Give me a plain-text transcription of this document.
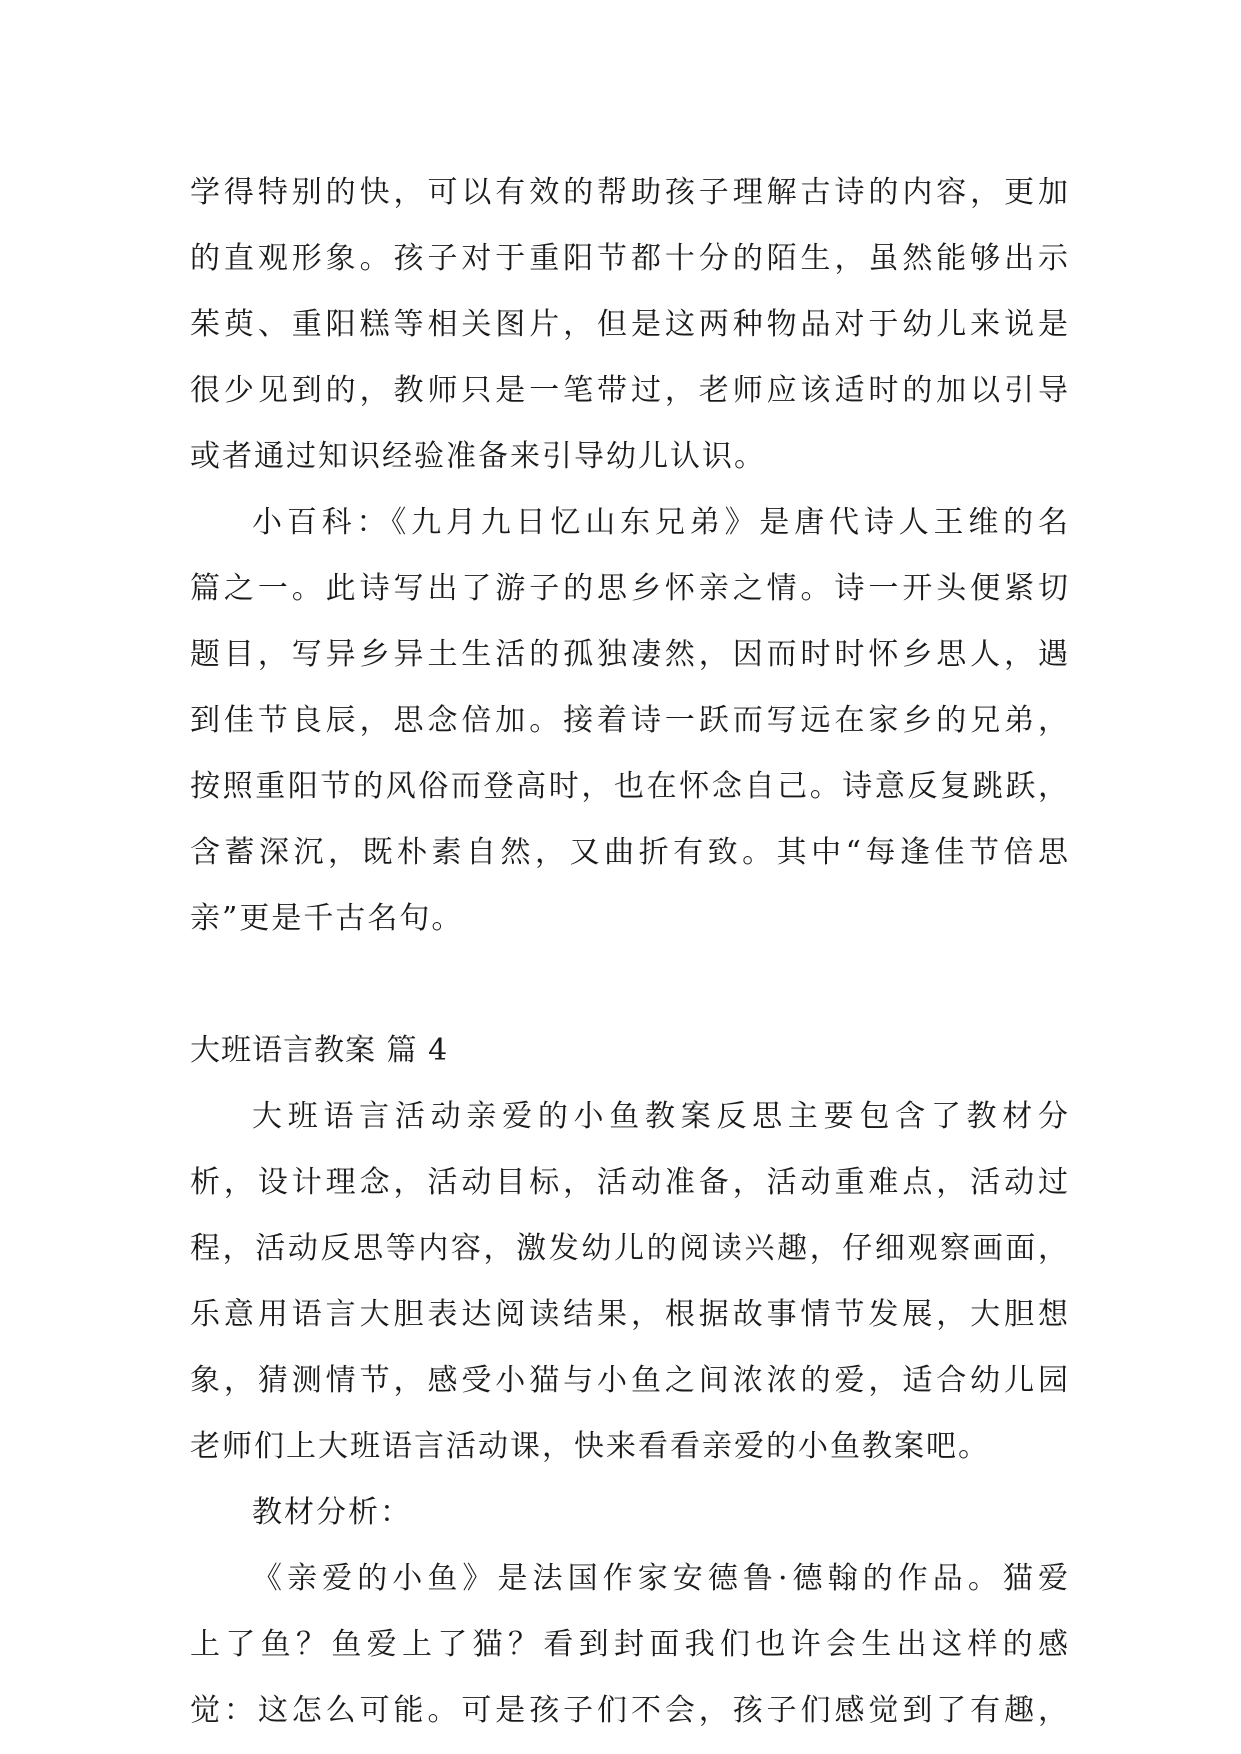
学得特别的快，可以有效的帮助孩子理解古诗的内容，更加
的直观形象。孩子对于重阳节都十分的陌生，虽然能够出示
茱萸、重阳糕等相关图片，但是这两种物品对于幼儿来说是
很少见到的，教师只是一笔带过，老师应该适时的加以引导
或者通过知识经验准备来引导幼儿认识。
小百科：《九月九日忆山东兄弟》是唐代诗人王维的名
篇之一。此诗写出了游子的思乡怀亲之情。诗一开头便紧切
题目，写异乡异土生活的孤独凄然，因而时时怀乡思人，遇
到佳节良辰，思念倍加。接着诗一跃而写远在家乡的兄弟，
按照重阳节的风俗而登高时，也在怀念自己。诗意反复跳跃，
含蓄深沉，既朴素自然，又曲折有致。其中“每逢佳节倍思
亲”更是千古名句。
大班语言教案 篇 4
大班语言活动亲爱的小鱼教案反思主要包含了教材分
析，设计理念，活动目标，活动准备，活动重难点，活动过
程，活动反思等内容，激发幼儿的阅读兴趣，仔细观察画面，
乐意用语言大胆表达阅读结果，根据故事情节发展，大胆想
象，猜测情节，感受小猫与小鱼之间浓浓的爱，适合幼儿园
老师们上大班语言活动课，快来看看亲爱的小鱼教案吧。
教材分析：
《亲爱的小鱼》是法国作家安德鲁·德翰的作品。猫爱
上了鱼？鱼爱上了猫？看到封面我们也许会生出这样的感
觉：这怎么可能。可是孩子们不会，孩子们感觉到了有趣，
